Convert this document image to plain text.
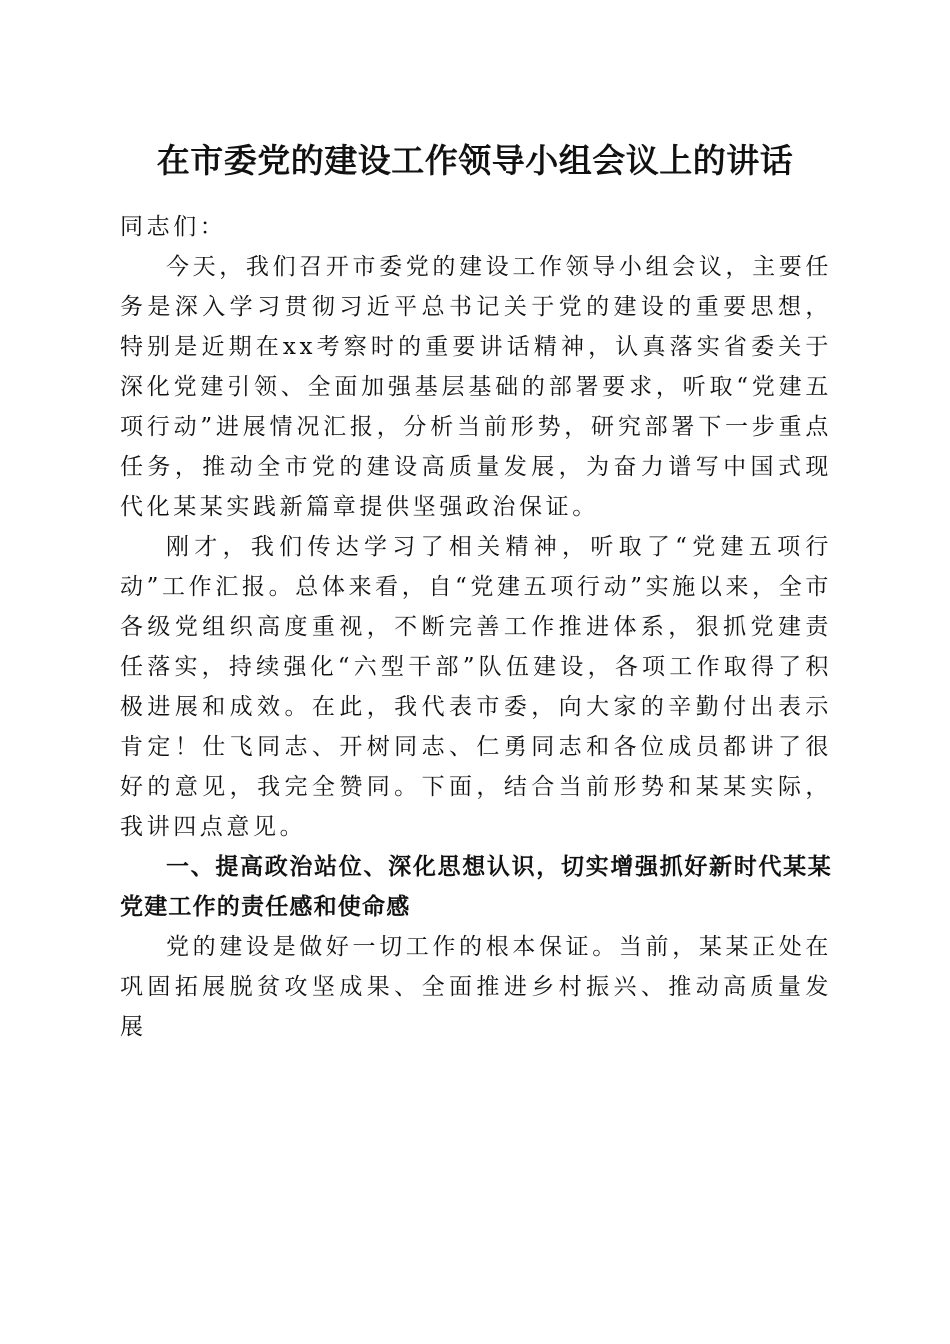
在市委党的建设工作领导小组会议上的讲话

同志们：

今天，我们召开市委党的建设工作领导小组会议，主要任务是深入学习贯彻习近平总书记关于党的建设的重要思想，特别是近期在xx考察时的重要讲话精神，认真落实省委关于深化党建引领、全面加强基层基础的部署要求，听取“党建五项行动”进展情况汇报，分析当前形势，研究部署下一步重点任务，推动全市党的建设高质量发展，为奋力谱写中国式现代化某某实践新篇章提供坚强政治保证。

刚才，我们传达学习了相关精神，听取了“党建五项行动”工作汇报。总体来看，自“党建五项行动”实施以来，全市各级党组织高度重视，不断完善工作推进体系，狠抓党建责任落实，持续强化“六型干部”队伍建设，各项工作取得了积极进展和成效。在此，我代表市委，向大家的辛勤付出表示肯定！仕飞同志、开树同志、仁勇同志和各位成员都讲了很好的意见，我完全赞同。下面，结合当前形势和某某实际，我讲四点意见。

一、提高政治站位、深化思想认识，切实增强抓好新时代某某党建工作的责任感和使命感

党的建设是做好一切工作的根本保证。当前，某某正处在巩固拓展脱贫攻坚成果、全面推进乡村振兴、推动高质量发展
